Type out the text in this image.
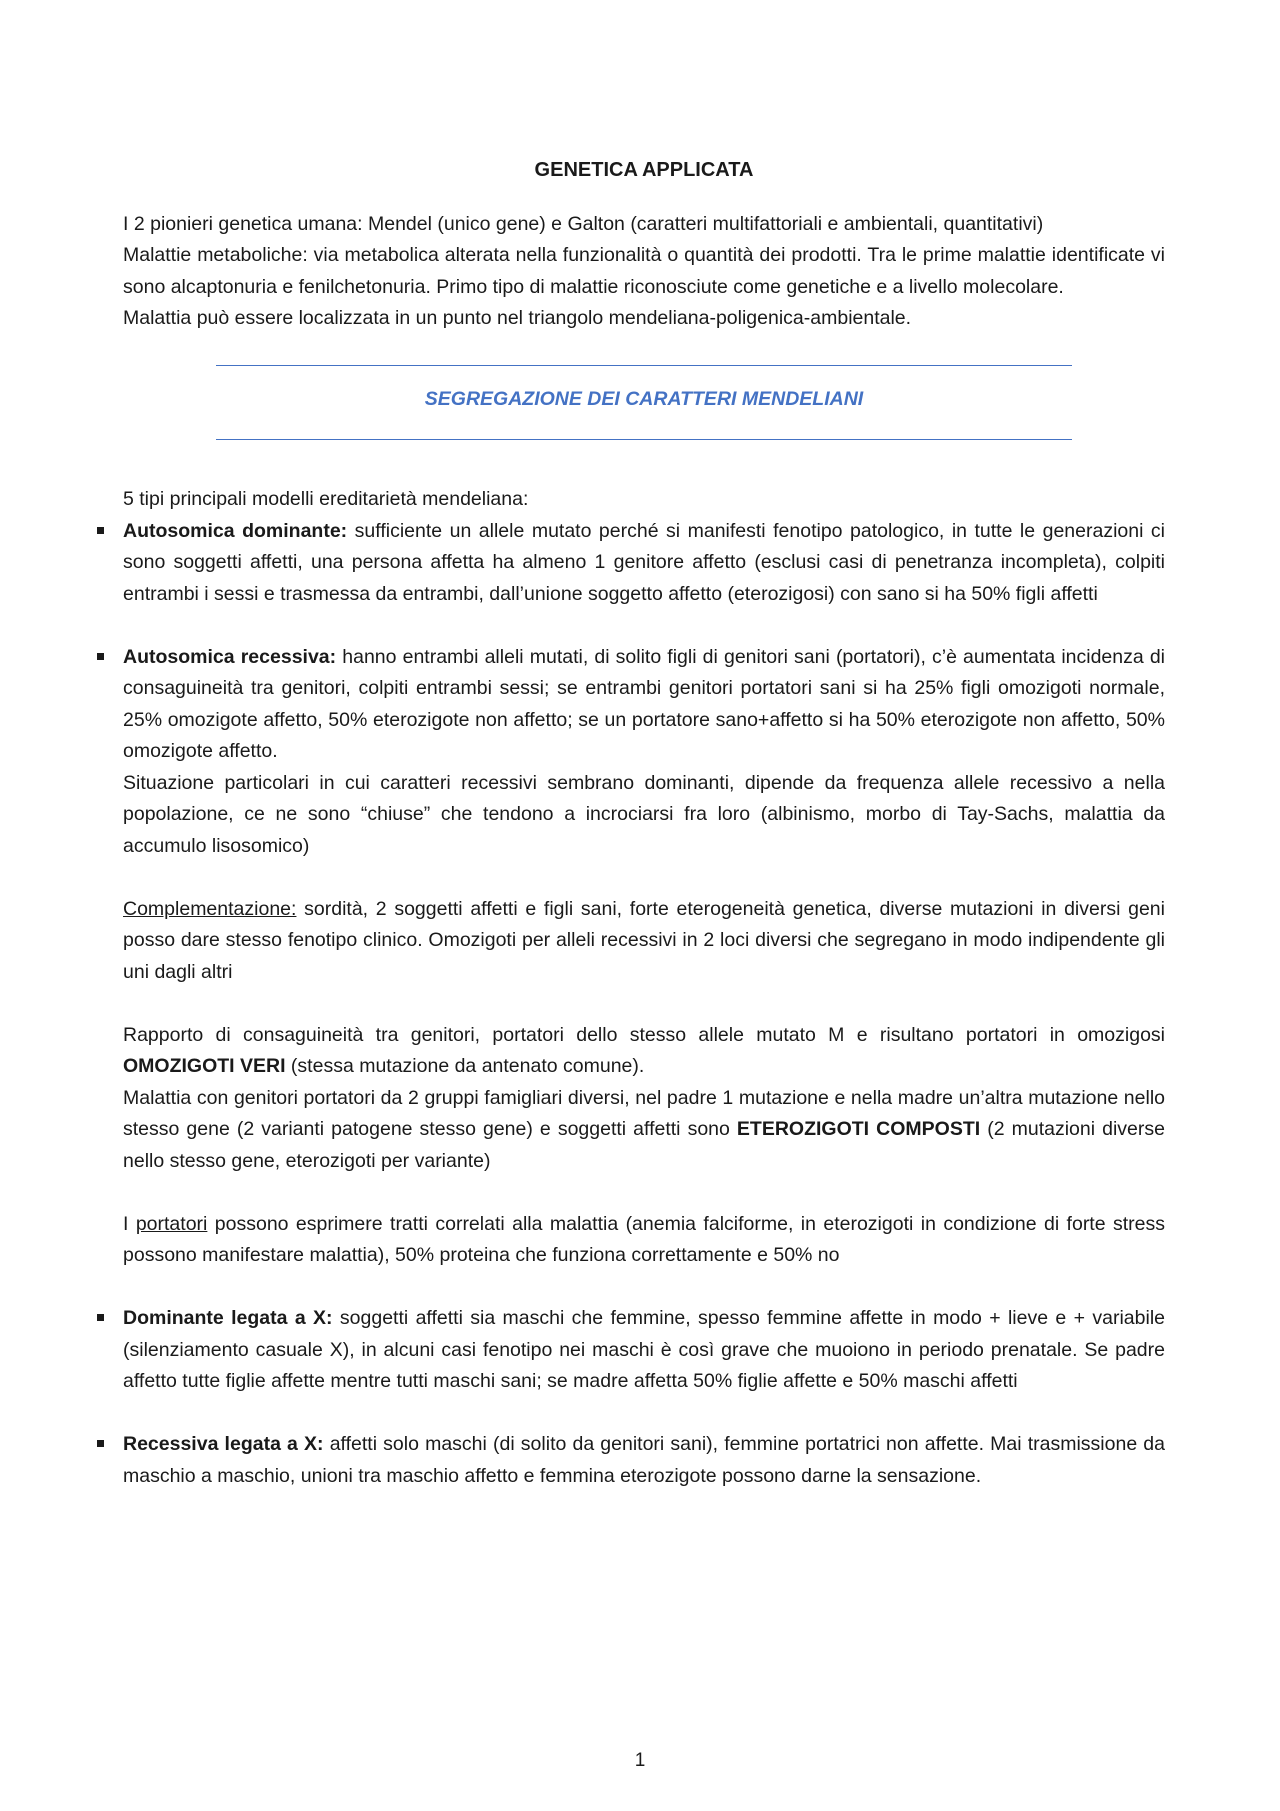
GENETICA APPLICATA

I 2 pionieri genetica umana: Mendel (unico gene) e Galton (caratteri multifattoriali e ambientali, quantitativi)

Malattie metaboliche: via metabolica alterata nella funzionalità o quantità dei prodotti. Tra le prime malattie identificate vi sono alcaptonuria e fenilchetonuria. Primo tipo di malattie riconosciute come genetiche e a livello molecolare.

Malattia può essere localizzata in un punto nel triangolo mendeliana-poligenica-ambientale.

SEGREGAZIONE DEI CARATTERI MENDELIANI

5 tipi principali modelli ereditarietà mendeliana:

Autosomica dominante: sufficiente un allele mutato perché si manifesti fenotipo patologico, in tutte le generazioni ci sono soggetti affetti, una persona affetta ha almeno 1 genitore affetto (esclusi casi di penetranza incompleta), colpiti entrambi i sessi e trasmessa da entrambi, dall’unione soggetto affetto (eterozigosi) con sano si ha 50% figli affetti

Autosomica recessiva: hanno entrambi alleli mutati, di solito figli di genitori sani (portatori), c’è aumentata incidenza di consaguineità tra genitori, colpiti entrambi sessi; se entrambi genitori portatori sani si ha 25% figli omozigoti normale, 25% omozigote affetto, 50% eterozigote non affetto; se un portatore sano+affetto si ha 50% eterozigote non affetto, 50% omozigote affetto.

Situazione particolari in cui caratteri recessivi sembrano dominanti, dipende da frequenza allele recessivo a nella popolazione, ce ne sono “chiuse” che tendono a incrociarsi fra loro (albinismo, morbo di Tay-Sachs, malattia da accumulo lisosomico)

Complementazione: sordità, 2 soggetti affetti e figli sani, forte eterogeneità genetica, diverse mutazioni in diversi geni posso dare stesso fenotipo clinico. Omozigoti per alleli recessivi in 2 loci diversi che segregano in modo indipendente gli uni dagli altri

Rapporto di consaguineità tra genitori, portatori dello stesso allele mutato M e risultano portatori in omozigosi OMOZIGOTI VERI (stessa mutazione da antenato comune).

Malattia con genitori portatori da 2 gruppi famigliari diversi, nel padre 1 mutazione e nella madre un’altra mutazione nello stesso gene (2 varianti patogene stesso gene) e soggetti affetti sono ETEROZIGOTI COMPOSTI (2 mutazioni diverse nello stesso gene, eterozigoti per variante)

I portatori possono esprimere tratti correlati alla malattia (anemia falciforme, in eterozigoti in condizione di forte stress possono manifestare malattia), 50% proteina che funziona correttamente e 50% no

Dominante legata a X: soggetti affetti sia maschi che femmine, spesso femmine affette in modo + lieve e + variabile (silenziamento casuale X), in alcuni casi fenotipo nei maschi è così grave che muoiono in periodo prenatale. Se padre affetto tutte figlie affette mentre tutti maschi sani; se madre affetta 50% figlie affette e 50% maschi affetti

Recessiva legata a X: affetti solo maschi (di solito da genitori sani), femmine portatrici non affette. Mai trasmissione da maschio a maschio, unioni tra maschio affetto e femmina eterozigote possono darne la sensazione.

1
